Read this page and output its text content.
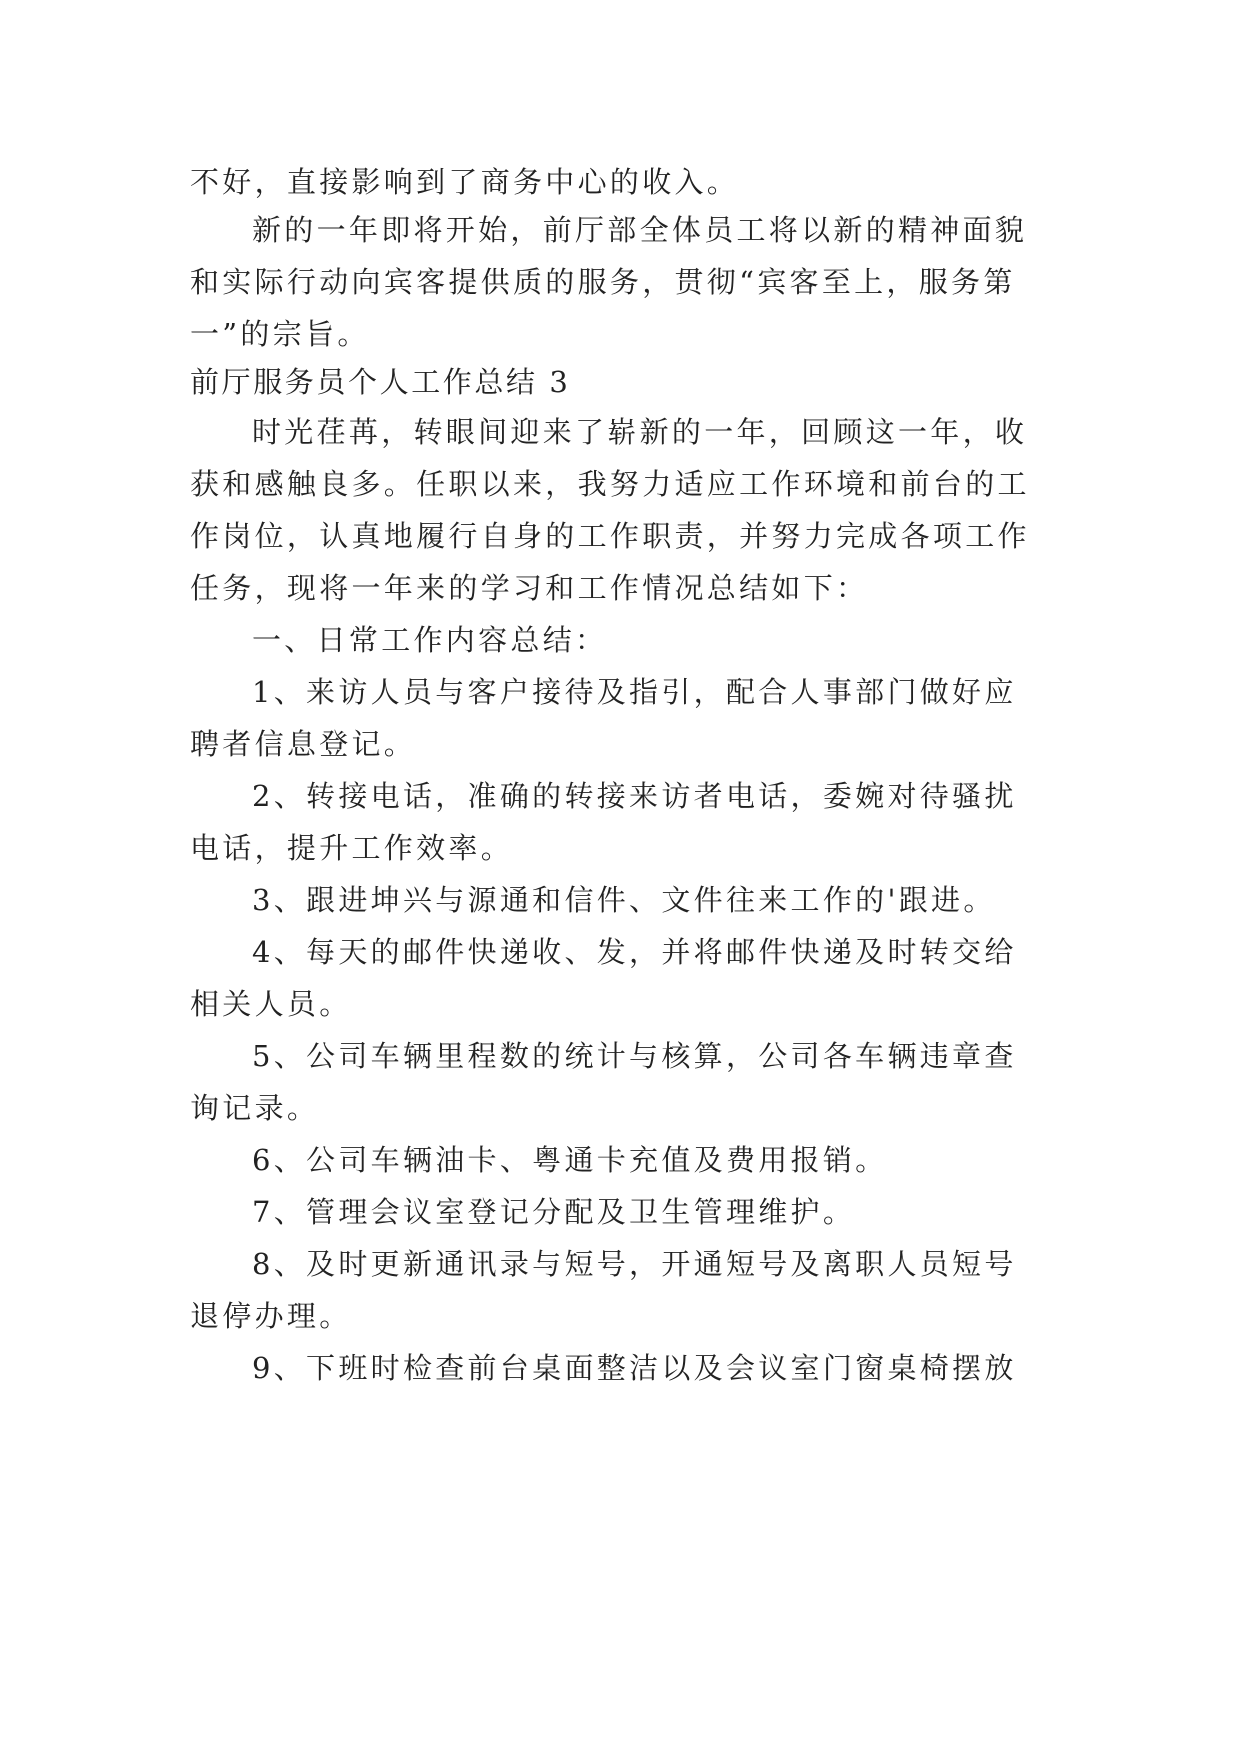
不好，直接影响到了商务中心的收入。
新的一年即将开始，前厅部全体员工将以新的精神面貌
和实际行动向宾客提供质的服务，贯彻“宾客至上，服务第
一”的宗旨。
前厅服务员个人工作总结 3
时光荏苒，转眼间迎来了崭新的一年，回顾这一年，收
获和感触良多。任职以来，我努力适应工作环境和前台的工
作岗位，认真地履行自身的工作职责，并努力完成各项工作
任务，现将一年来的学习和工作情况总结如下：
一、日常工作内容总结：
1、来访人员与客户接待及指引，配合人事部门做好应
聘者信息登记。
2、转接电话，准确的转接来访者电话，委婉对待骚扰
电话，提升工作效率。
3、跟进坤兴与源通和信件、文件往来工作的'跟进。
4、每天的邮件快递收、发，并将邮件快递及时转交给
相关人员。
5、公司车辆里程数的统计与核算，公司各车辆违章查
询记录。
6、公司车辆油卡、粤通卡充值及费用报销。
7、管理会议室登记分配及卫生管理维护。
8、及时更新通讯录与短号，开通短号及离职人员短号
退停办理。
9、下班时检查前台桌面整洁以及会议室门窗桌椅摆放
